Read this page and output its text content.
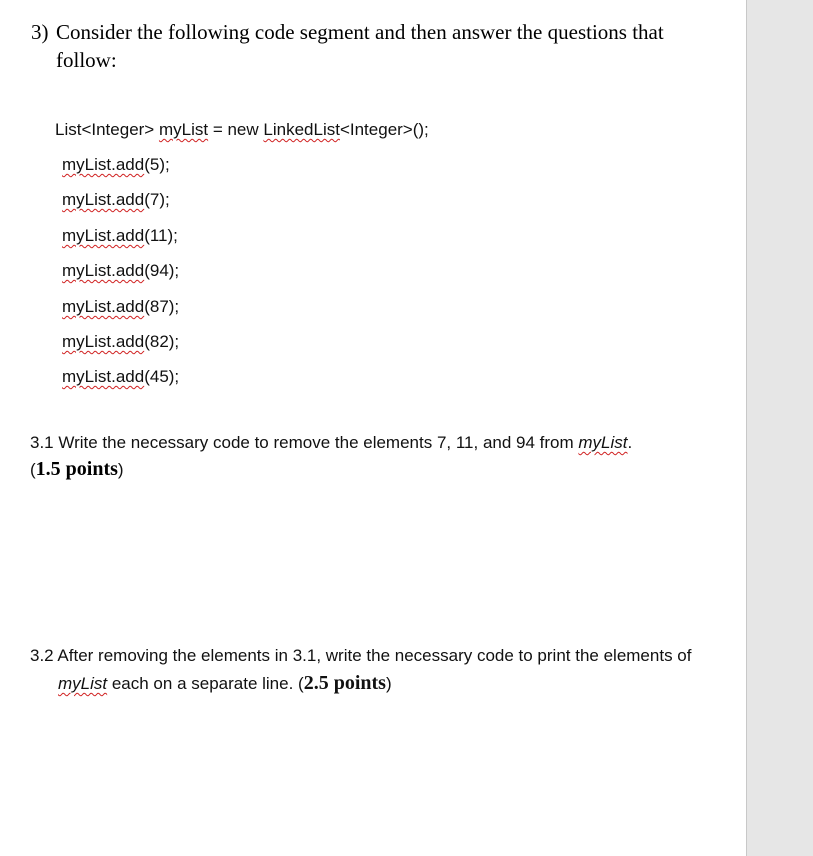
3) Consider the following code segment and then answer the questions that
follow:
List<Integer> myList = new LinkedList<Integer>();
myList.add(5);
myList.add(7);
myList.add(11);
myList.add(94);
myList.add(87);
myList.add(82);
myList.add(45);
3.1 Write the necessary code to remove the elements 7, 11, and 94 from myList.
(1.5 points)
3.2 After removing the elements in 3.1, write the necessary code to print the elements of
myList each on a separate line. (2.5 points)
